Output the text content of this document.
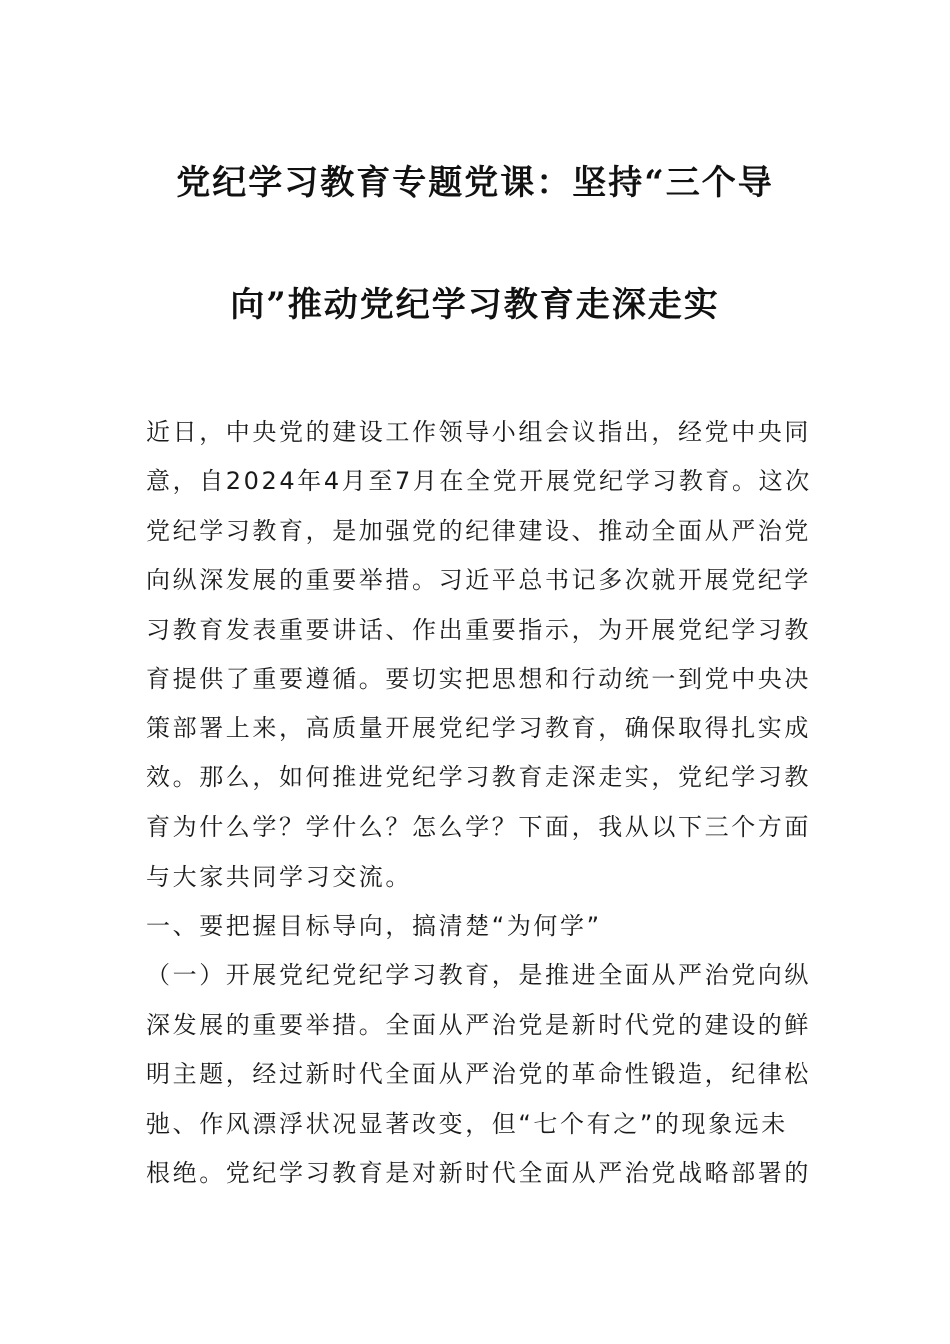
党纪学习教育专题党课：坚持“三个导
向”推动党纪学习教育走深走实
近日，中央党的建设工作领导小组会议指出，经党中央同
意，自2024年4月至7月在全党开展党纪学习教育。这次
党纪学习教育，是加强党的纪律建设、推动全面从严治党
向纵深发展的重要举措。习近平总书记多次就开展党纪学
习教育发表重要讲话、作出重要指示，为开展党纪学习教
育提供了重要遵循。要切实把思想和行动统一到党中央决
策部署上来，高质量开展党纪学习教育，确保取得扎实成
效。那么，如何推进党纪学习教育走深走实，党纪学习教
育为什么学？学什么？怎么学？下面，我从以下三个方面
与大家共同学习交流。
一、要把握目标导向，搞清楚“为何学”
（一）开展党纪党纪学习教育，是推进全面从严治党向纵
深发展的重要举措。全面从严治党是新时代党的建设的鲜
明主题，经过新时代全面从严治党的革命性锻造，纪律松
弛、作风漂浮状况显著改变，但“七个有之”的现象远未
根绝。党纪学习教育是对新时代全面从严治党战略部署的
